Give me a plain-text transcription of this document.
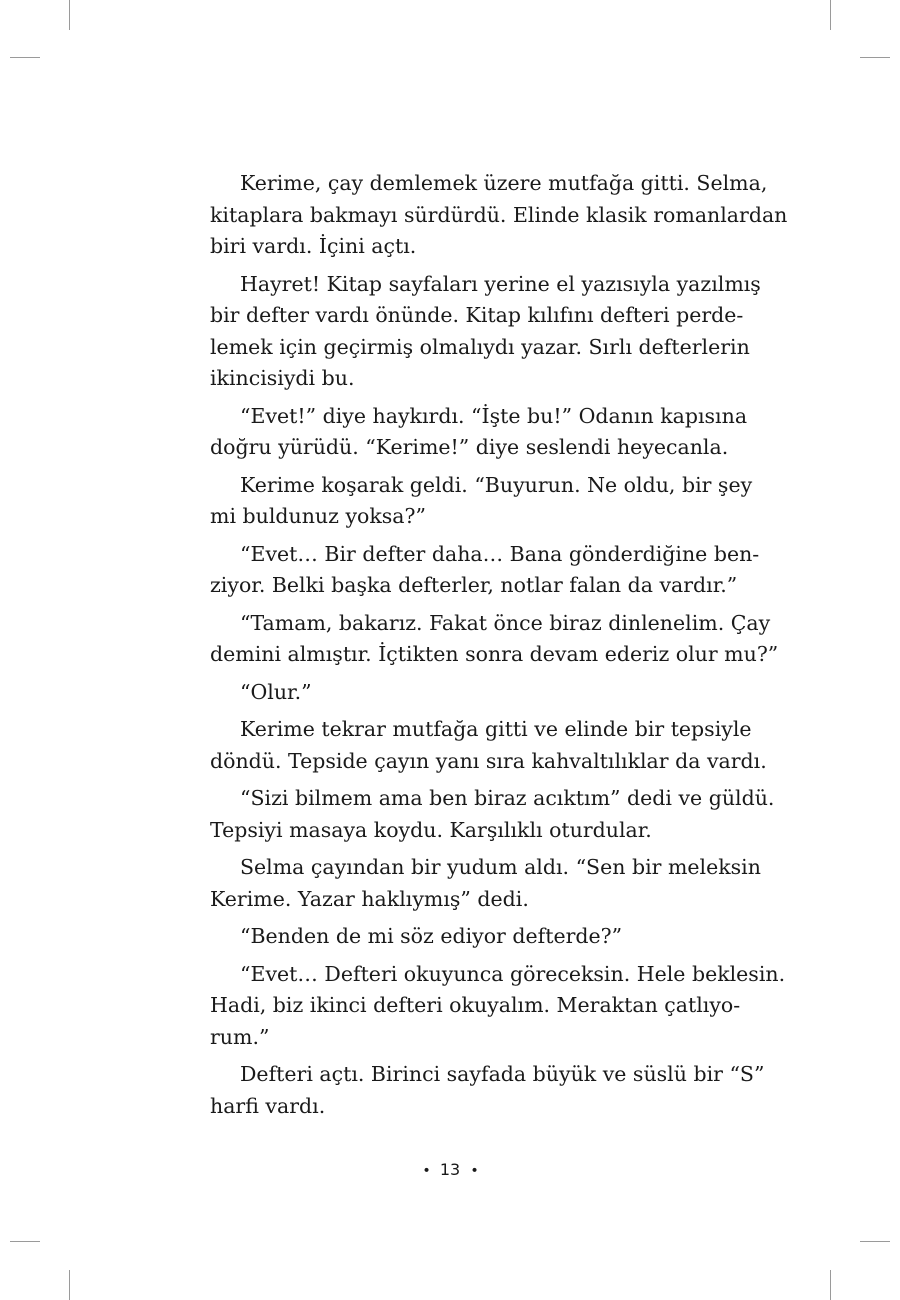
Kerime, çay demlemek üzere mutfağa gitti. Selma,
kitaplara bakmayı sürdürdü. Elinde klasik romanlardan
biri vardı. İçini açtı.
Hayret! Kitap sayfaları yerine el yazısıyla yazılmış
bir defter vardı önünde. Kitap kılıfını defteri perde-
lemek için geçirmiş olmalıydı yazar. Sırlı defterlerin
ikincisiydi bu.
“Evet!” diye haykırdı. “İşte bu!” Odanın kapısına
doğru yürüdü. “Kerime!” diye seslendi heyecanla.
Kerime koşarak geldi. “Buyurun. Ne oldu, bir şey
mi buldunuz yoksa?”
“Evet… Bir defter daha… Bana gönderdiğine ben-
ziyor. Belki başka defterler, notlar falan da vardır.”
“Tamam, bakarız. Fakat önce biraz dinlenelim. Çay
demini almıştır. İçtikten sonra devam ederiz olur mu?”
“Olur.”
Kerime tekrar mutfağa gitti ve elinde bir tepsiyle
döndü. Tepside çayın yanı sıra kahvaltılıklar da vardı.
“Sizi bilmem ama ben biraz acıktım” dedi ve güldü.
Tepsiyi masaya koydu. Karşılıklı oturdular.
Selma çayından bir yudum aldı. “Sen bir meleksin
Kerime. Yazar haklıymış” dedi.
“Benden de mi söz ediyor defterde?”
“Evet… Defteri okuyunca göreceksin. Hele beklesin.
Hadi, biz ikinci defteri okuyalım. Meraktan çatlıyo-
rum.”
Defteri açtı. Birinci sayfada büyük ve süslü bir “S”
harfi vardı.
• 13 •
